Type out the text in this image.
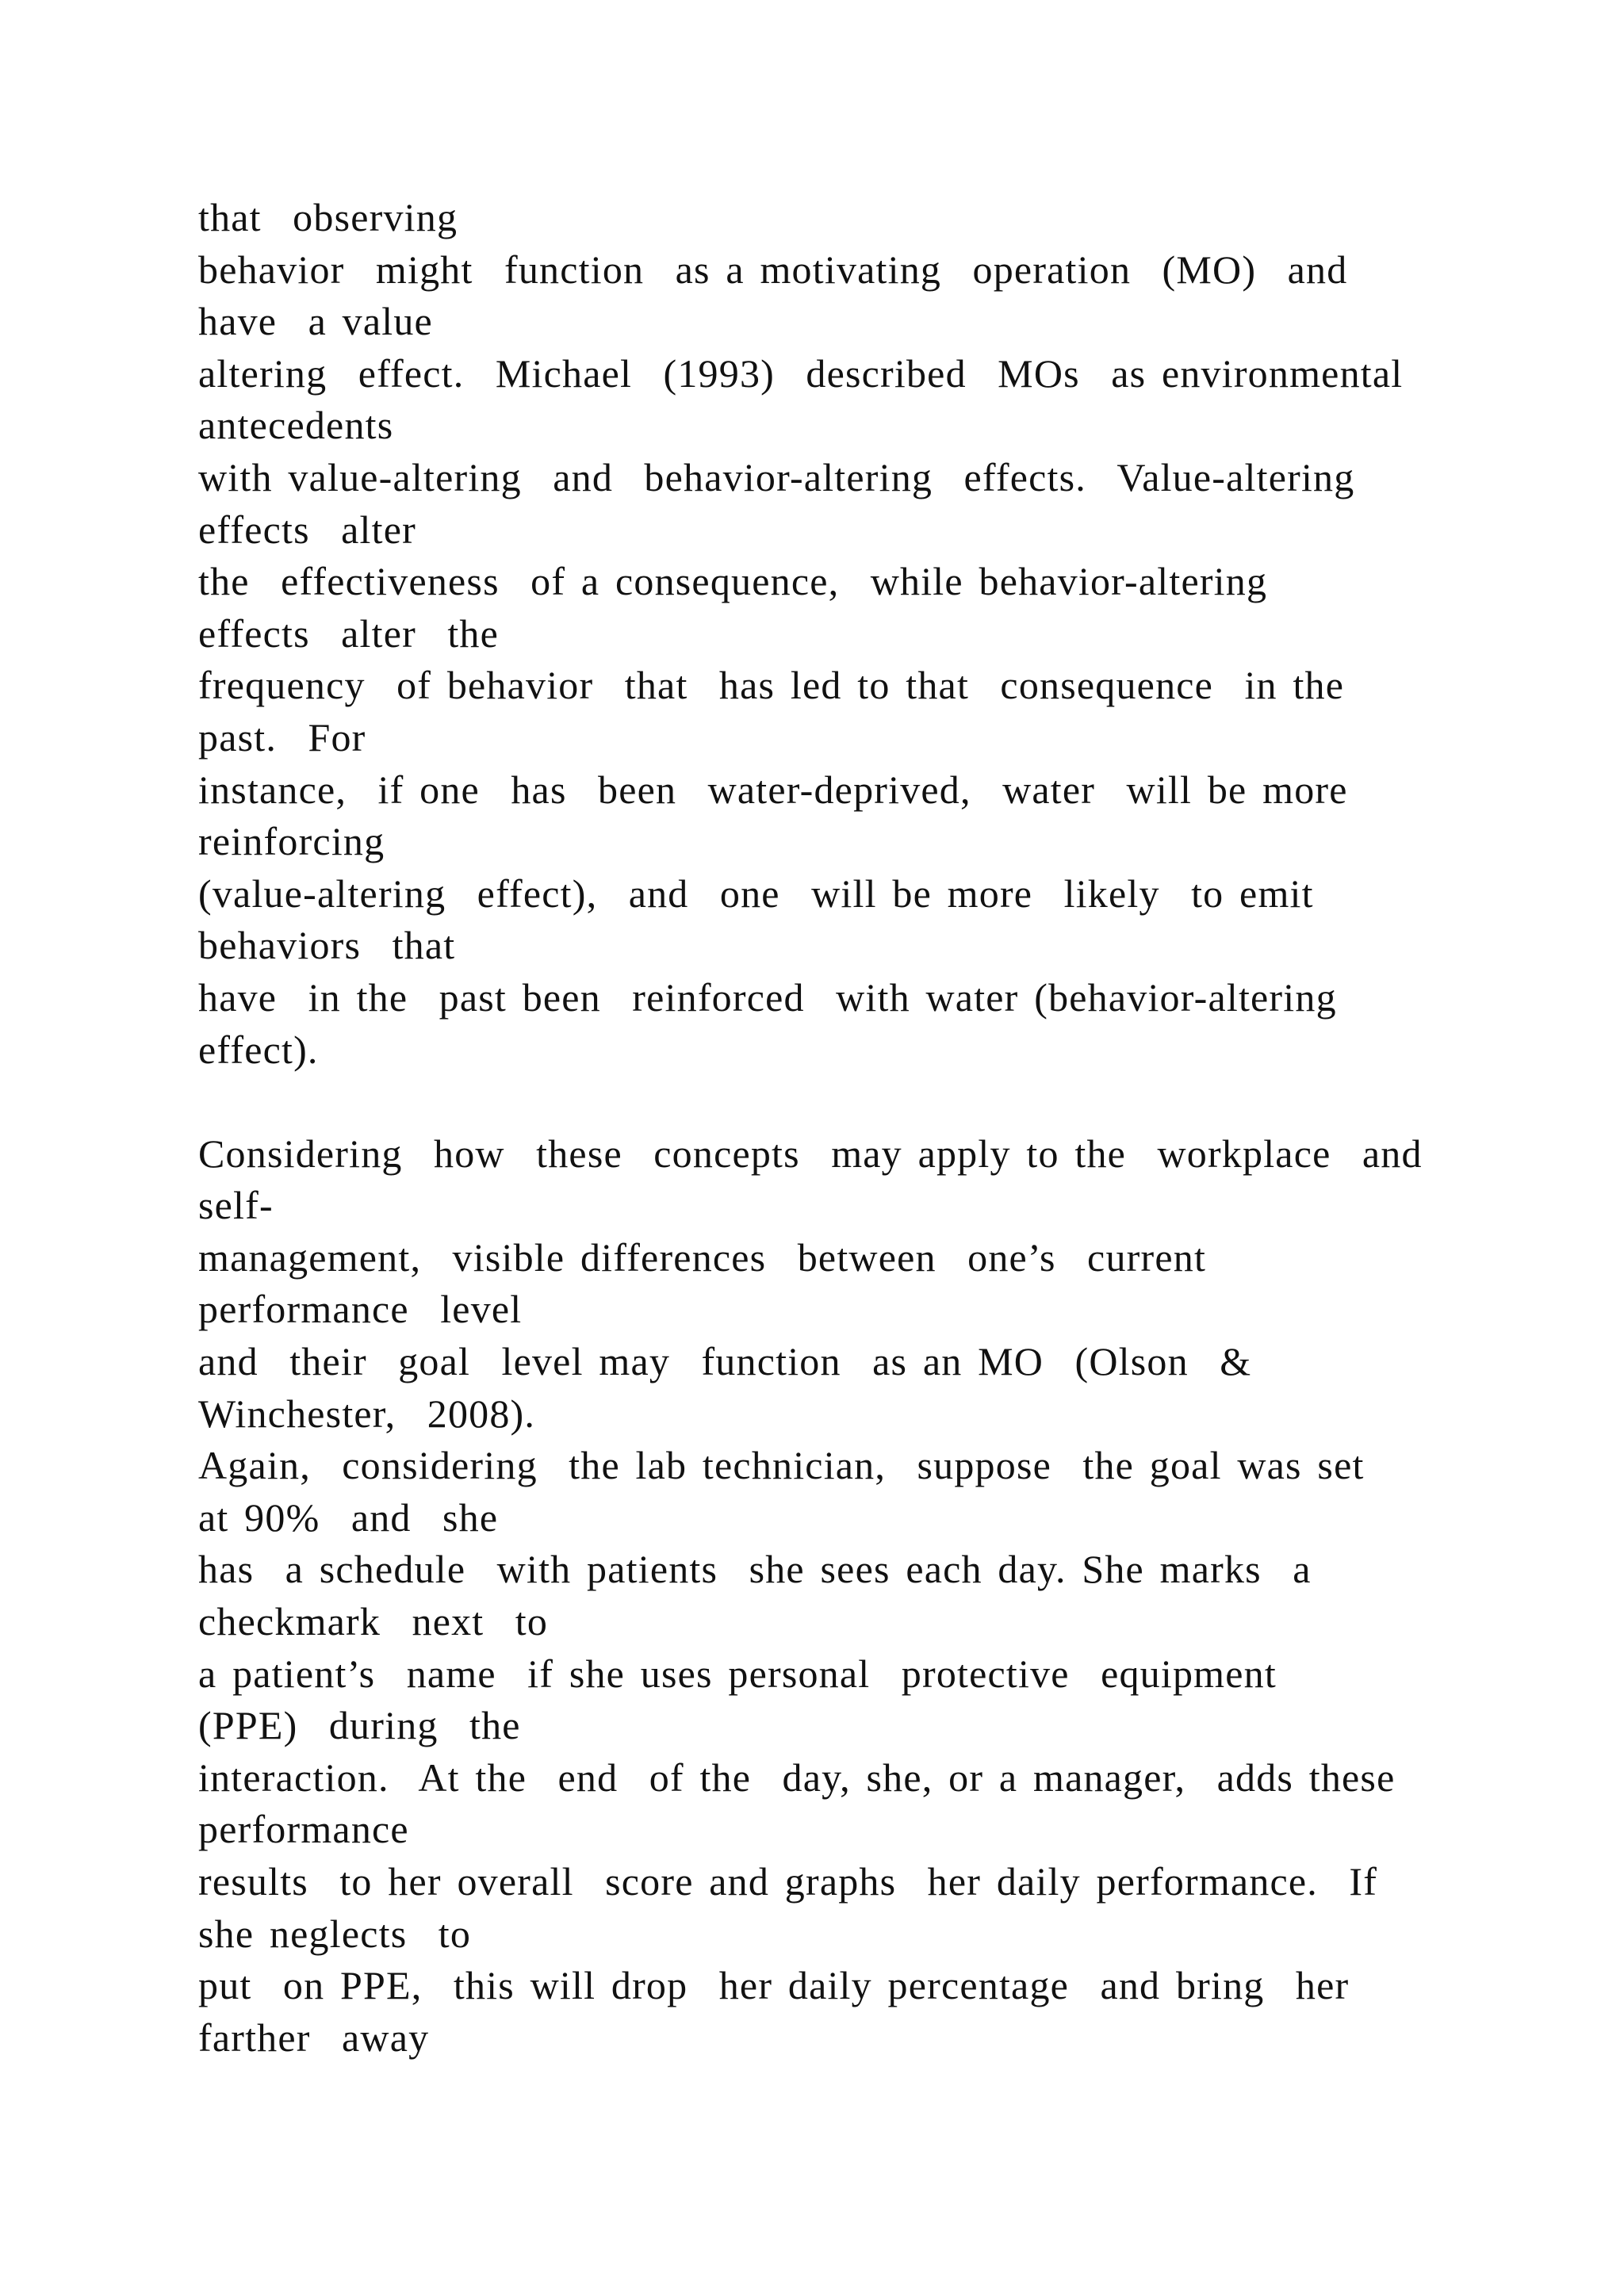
that  observing
behavior  might  function  as a motivating  operation  (MO)  and
have  a value
altering  effect.  Michael  (1993)  described  MOs  as environmental
antecedents
with value-altering  and  behavior-altering  effects.  Value-altering
effects  alter
the  effectiveness  of a consequence,  while behavior-altering
effects  alter  the
frequency  of behavior  that  has led to that  consequence  in the
past.  For
instance,  if one  has  been  water-deprived,  water  will be more
reinforcing
(value-altering  effect),  and  one  will be more  likely  to emit
behaviors  that
have  in the  past been  reinforced  with water (behavior-altering
effect).
Considering  how  these  concepts  may apply to the  workplace  and
self-
management,  visible differences  between  one’s  current
performance  level
and  their  goal  level may  function  as an MO  (Olson  &
Winchester,  2008).
Again,  considering  the lab technician,  suppose  the goal was set
at 90%  and  she
has  a schedule  with patients  she sees each day. She marks  a
checkmark  next  to
a patient’s  name  if she uses personal  protective  equipment
(PPE)  during  the
interaction.  At the  end  of the  day, she, or a manager,  adds these
performance
results  to her overall  score and graphs  her daily performance.  If
she neglects  to
put  on PPE,  this will drop  her daily percentage  and bring  her
farther  away
